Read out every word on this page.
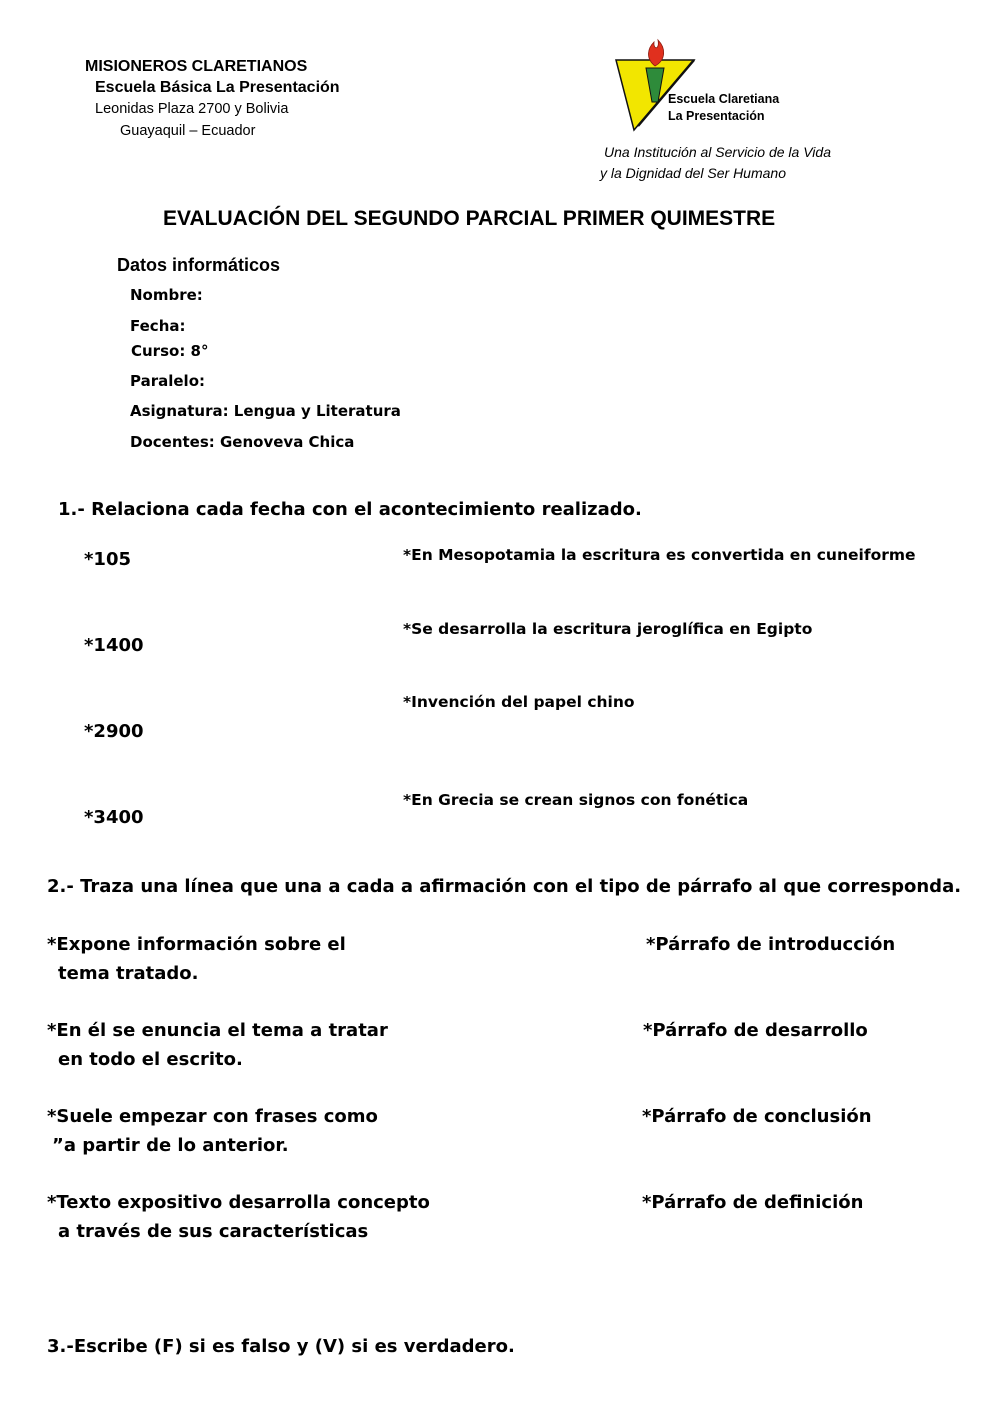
MISIONEROS CLARETIANOS
Escuela Básica La Presentación
Leonidas Plaza 2700 y Bolivia
Guayaquil – Ecuador
Escuela Claretiana
La Presentación
Una Institución al Servicio de la Vida
y la Dignidad del Ser Humano
EVALUACIÓN DEL SEGUNDO PARCIAL PRIMER QUIMESTRE
Datos informáticos
Nombre:
Fecha:
Curso: 8°
Paralelo:
Asignatura: Lengua y Literatura
Docentes: Genoveva Chica
1.- Relaciona cada fecha con el acontecimiento realizado.
*105
*1400
*2900
*3400
*En Mesopotamia la escritura es convertida en cuneiforme
*Se desarrolla la escritura jeroglífica en Egipto
*Invención del papel chino
*En Grecia se crean signos con fonética
2.- Traza una línea que una a cada a afirmación con el tipo de párrafo al que corresponda.
*Expone información sobre el
tema tratado.
*En él se enuncia el tema a tratar
en todo el escrito.
*Suele empezar con frases como
”a partir de lo anterior.
*Texto expositivo desarrolla concepto
a través de sus características
*Párrafo de introducción
*Párrafo de desarrollo
*Párrafo de conclusión
*Párrafo de definición
3.-Escribe (F) si es falso y (V) si es verdadero.
